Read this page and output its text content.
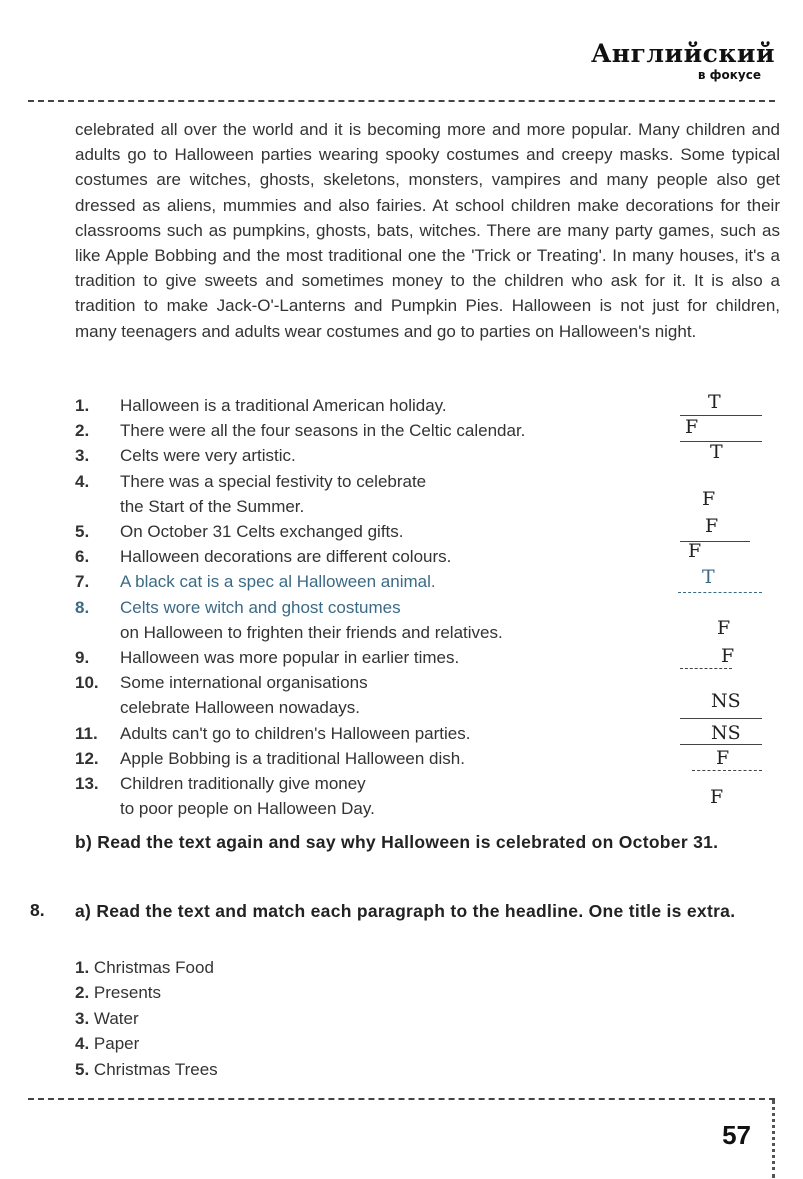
Английский
в фокусе
celebrated all over the world and it is becoming more and more popular. Many children and adults go to Halloween parties wearing spooky costumes and creepy masks. Some typical costumes are witches, ghosts, skeletons, monsters, vampires and many people also get dressed as aliens, mummies and also fairies. At school children make decorations for their classrooms such as pumpkins, ghosts, bats, witches. There are many party games, such as like Apple Bobbing and the most traditional one the 'Trick or Treating'. In many houses, it's a tradition to give sweets and sometimes money to the children who ask for it. It is also a tradition to make Jack-O'-Lanterns and Pumpkin Pies. Halloween is not just for children, many teenagers and adults wear costumes and go to parties on Halloween's night.
1. Halloween is a traditional American holiday.
2. There were all the four seasons in the Celtic calendar.
3. Celts were very artistic.
4. There was a special festivity to celebrate
the Start of the Summer.
5. On October 31 Celts exchanged gifts.
6. Halloween decorations are different colours.
7. A black cat is a spec al Halloween animal.
8. Celts wore witch and ghost costumes
on Halloween to frighten their friends and relatives.
9. Halloween was more popular in earlier times.
10. Some international organisations
celebrate Halloween nowadays.
11. Adults can't go to children's Halloween parties.
12. Apple Bobbing is a traditional Halloween dish.
13. Children traditionally give money
to poor people on Halloween Day.
T
F
T
F
F
F
T
F
F
NS
NS
F
F
b) Read the text again and say why Halloween is celebrated on October 31.
8. a) Read the text and match each paragraph to the headline. One title is extra.
1. Christmas Food
2. Presents
3. Water
4. Paper
5. Christmas Trees
57
